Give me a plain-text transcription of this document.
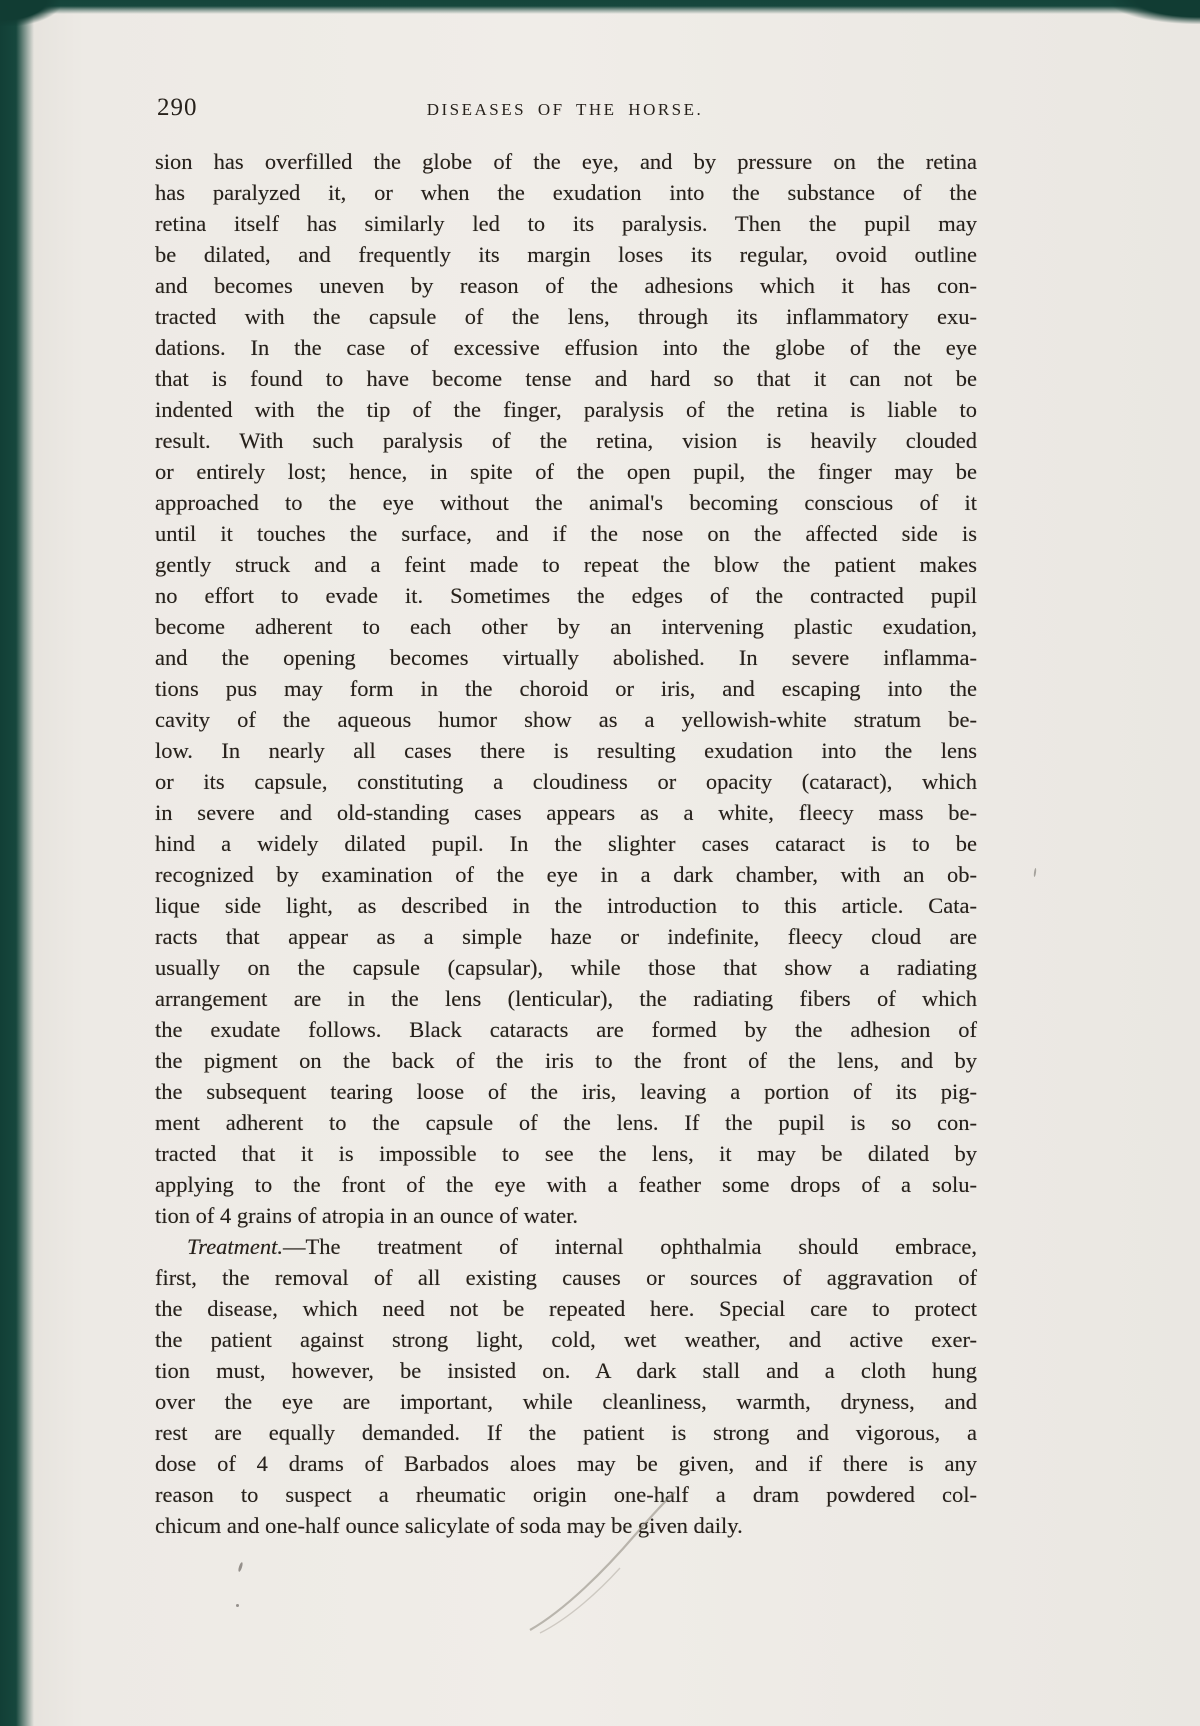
290	DISEASES OF THE HORSE.
sion has overfilled the globe of the eye, and by pressure on the retina
has paralyzed it, or when the exudation into the substance of the
retina itself has similarly led to its paralysis. Then the pupil may
be dilated, and frequently its margin loses its regular, ovoid outline
and becomes uneven by reason of the adhesions which it has con-
tracted with the capsule of the lens, through its inflammatory exu-
dations. In the case of excessive effusion into the globe of the eye
that is found to have become tense and hard so that it can not be
indented with the tip of the finger, paralysis of the retina is liable to
result. With such paralysis of the retina, vision is heavily clouded
or entirely lost; hence, in spite of the open pupil, the finger may be
approached to the eye without the animal's becoming conscious of it
until it touches the surface, and if the nose on the affected side is
gently struck and a feint made to repeat the blow the patient makes
no effort to evade it. Sometimes the edges of the contracted pupil
become adherent to each other by an intervening plastic exudation,
and the opening becomes virtually abolished. In severe inflamma-
tions pus may form in the choroid or iris, and escaping into the
cavity of the aqueous humor show as a yellowish-white stratum be-
low. In nearly all cases there is resulting exudation into the lens
or its capsule, constituting a cloudiness or opacity (cataract), which
in severe and old-standing cases appears as a white, fleecy mass be-
hind a widely dilated pupil. In the slighter cases cataract is to be
recognized by examination of the eye in a dark chamber, with an ob-
lique side light, as described in the introduction to this article. Cata-
racts that appear as a simple haze or indefinite, fleecy cloud are
usually on the capsule (capsular), while those that show a radiating
arrangement are in the lens (lenticular), the radiating fibers of which
the exudate follows. Black cataracts are formed by the adhesion of
the pigment on the back of the iris to the front of the lens, and by
the subsequent tearing loose of the iris, leaving a portion of its pig-
ment adherent to the capsule of the lens. If the pupil is so con-
tracted that it is impossible to see the lens, it may be dilated by
applying to the front of the eye with a feather some drops of a solu-
tion of 4 grains of atropia in an ounce of water.
Treatment.—The treatment of internal ophthalmia should embrace,
first, the removal of all existing causes or sources of aggravation of
the disease, which need not be repeated here. Special care to protect
the patient against strong light, cold, wet weather, and active exer-
tion must, however, be insisted on. A dark stall and a cloth hung
over the eye are important, while cleanliness, warmth, dryness, and
rest are equally demanded. If the patient is strong and vigorous, a
dose of 4 drams of Barbados aloes may be given, and if there is any
reason to suspect a rheumatic origin one-half a dram powdered col-
chicum and one-half ounce salicylate of soda may be given daily.
